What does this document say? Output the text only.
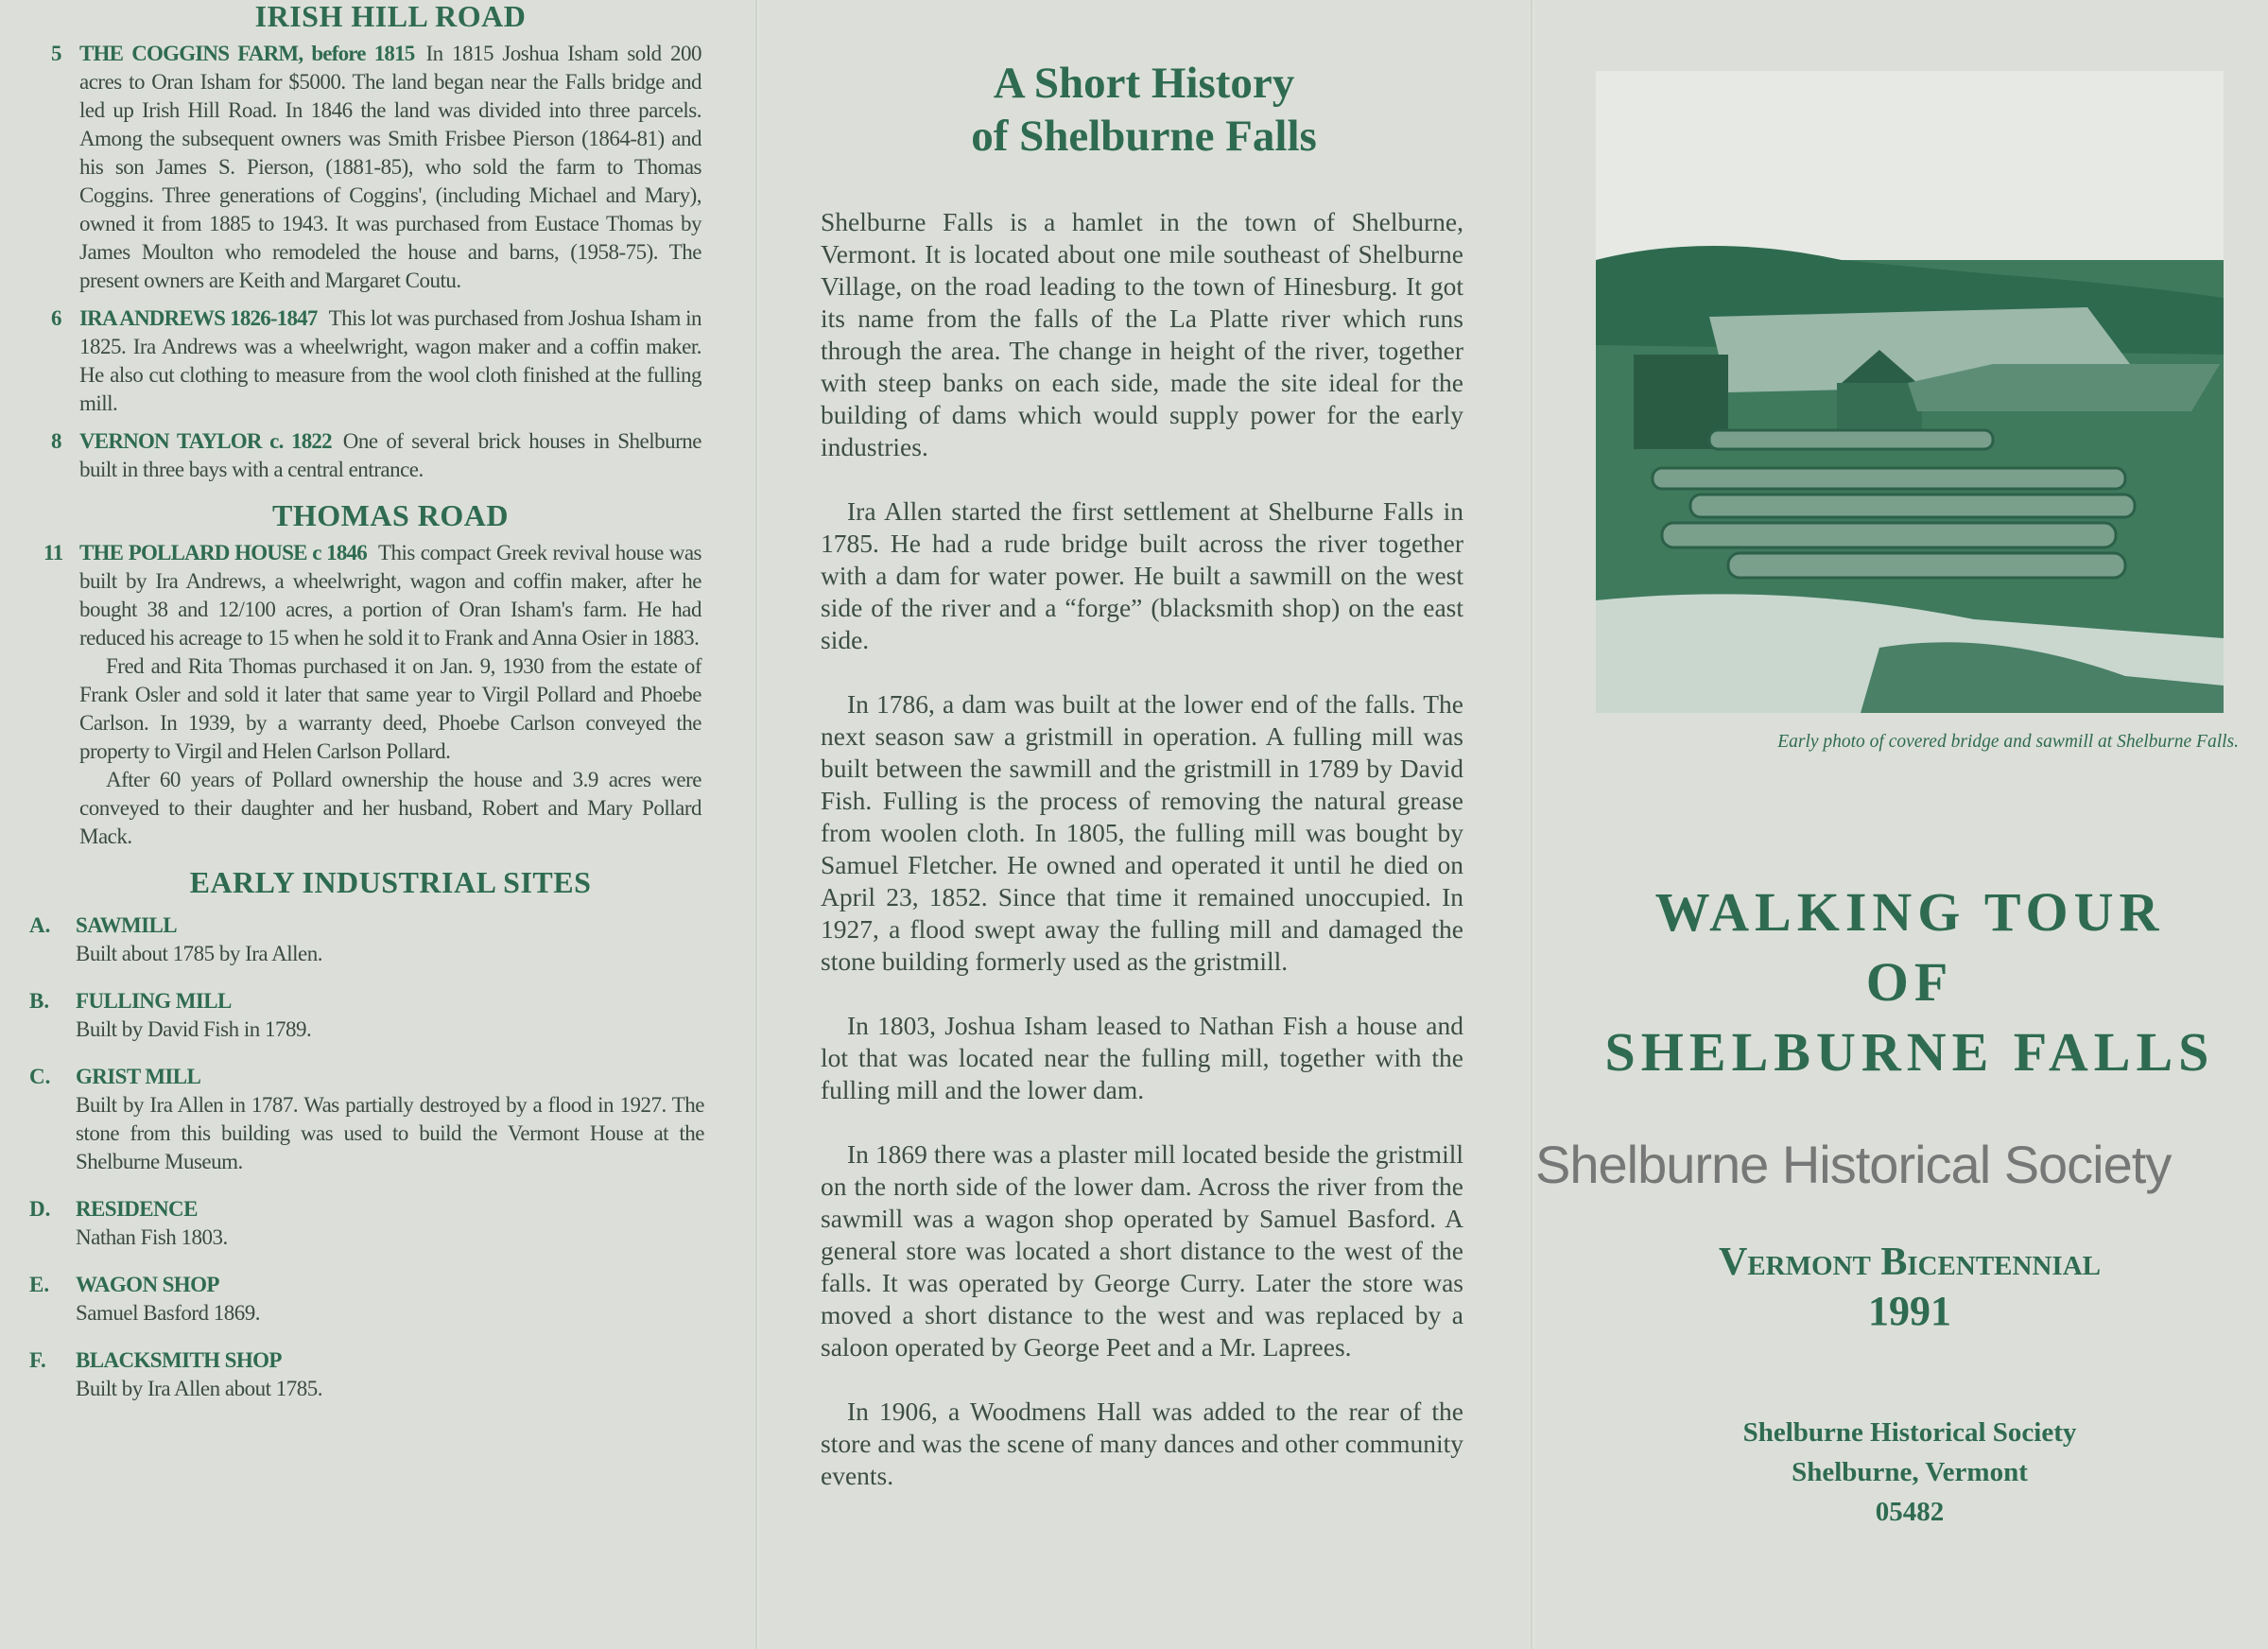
IRISH HILL ROAD
5 THE COGGINS FARM, before 1815 In 1815 Joshua Isham sold 200 acres to Oran Isham for $5000. The land began near the Falls bridge and led up Irish Hill Road. In 1846 the land was divided into three parcels. Among the subsequent owners was Smith Frisbee Pierson (1864-81) and his son James S. Pierson, (1881-85), who sold the farm to Thomas Coggins. Three generations of Coggins', (including Michael and Mary), owned it from 1885 to 1943. It was purchased from Eustace Thomas by James Moulton who remodeled the house and barns, (1958-75). The present owners are Keith and Margaret Coutu.

6 IRA ANDREWS 1826-1847 This lot was purchased from Joshua Isham in 1825. Ira Andrews was a wheelwright, wagon maker and a coffin maker. He also cut clothing to measure from the wool cloth finished at the fulling mill.

8 VERNON TAYLOR c. 1822 One of several brick houses in Shelburne built in three bays with a central entrance.

THOMAS ROAD
11 THE POLLARD HOUSE c 1846 This compact Greek revival house was built by Ira Andrews, a wheelwright, wagon and coffin maker, after he bought 38 and 12/100 acres, a portion of Oran Isham's farm. He had reduced his acreage to 15 when he sold it to Frank and Anna Osier in 1883.

Fred and Rita Thomas purchased it on Jan. 9, 1930 from the estate of Frank Osler and sold it later that same year to Virgil Pollard and Phoebe Carlson. In 1939, by a warranty deed, Phoebe Carlson conveyed the property to Virgil and Helen Carlson Pollard.

After 60 years of Pollard ownership the house and 3.9 acres were conveyed to their daughter and her husband, Robert and Mary Pollard Mack.

EARLY INDUSTRIAL SITES
A. SAWMILL
Built about 1785 by Ira Allen.
B. FULLING MILL
Built by David Fish in 1789.
C. GRIST MILL
Built by Ira Allen in 1787. Was partially destroyed by a flood in 1927. The stone from this building was used to build the Vermont House at the Shelburne Museum.
D. RESIDENCE
Nathan Fish 1803.
E. WAGON SHOP
Samuel Basford 1869.
F. BLACKSMITH SHOP
Built by Ira Allen about 1785.
Shelburne Historical Society
A Short History
of Shelburne Falls

Shelburne Falls is a hamlet in the town of Shelburne, Vermont. It is located about one mile southeast of Shelburne Village, on the road leading to the town of Hinesburg. It got its name from the falls of the La Platte river which runs through the area. The change in height of the river, together with steep banks on each side, made the site ideal for the building of dams which would supply power for the early industries.

Ira Allen started the first settlement at Shelburne Falls in 1785. He had a rude bridge built across the river together with a dam for water power. He built a sawmill on the west side of the river and a “forge” (blacksmith shop) on the east side.

In 1786, a dam was built at the lower end of the falls. The next season saw a gristmill in operation. A fulling mill was built between the sawmill and the gristmill in 1789 by David Fish. Fulling is the process of removing the natural grease from woolen cloth. In 1805, the fulling mill was bought by Samuel Fletcher. He owned and operated it until he died on April 23, 1852. Since that time it remained unoccupied. In 1927, a flood swept away the fulling mill and damaged the stone building formerly used as the gristmill.

In 1803, Joshua Isham leased to Nathan Fish a house and lot that was located near the fulling mill, together with the fulling mill and the lower dam.

In 1869 there was a plaster mill located beside the gristmill on the north side of the lower dam. Across the river from the sawmill was a wagon shop operated by Samuel Basford. A general store was located a short distance to the west of the falls. It was operated by George Curry. Later the store was moved a short distance to the west and was replaced by a saloon operated by George Peet and a Mr. Laprees.

In 1906, a Woodmens Hall was added to the rear of the store and was the scene of many dances and other community events.

Early photo of covered bridge and sawmill at Shelburne Falls.
WALKING TOUR
OF
SHELBURNE FALLS
Vermont Bicentennial
1991
Shelburne Historical Society
Shelburne, Vermont
05482
